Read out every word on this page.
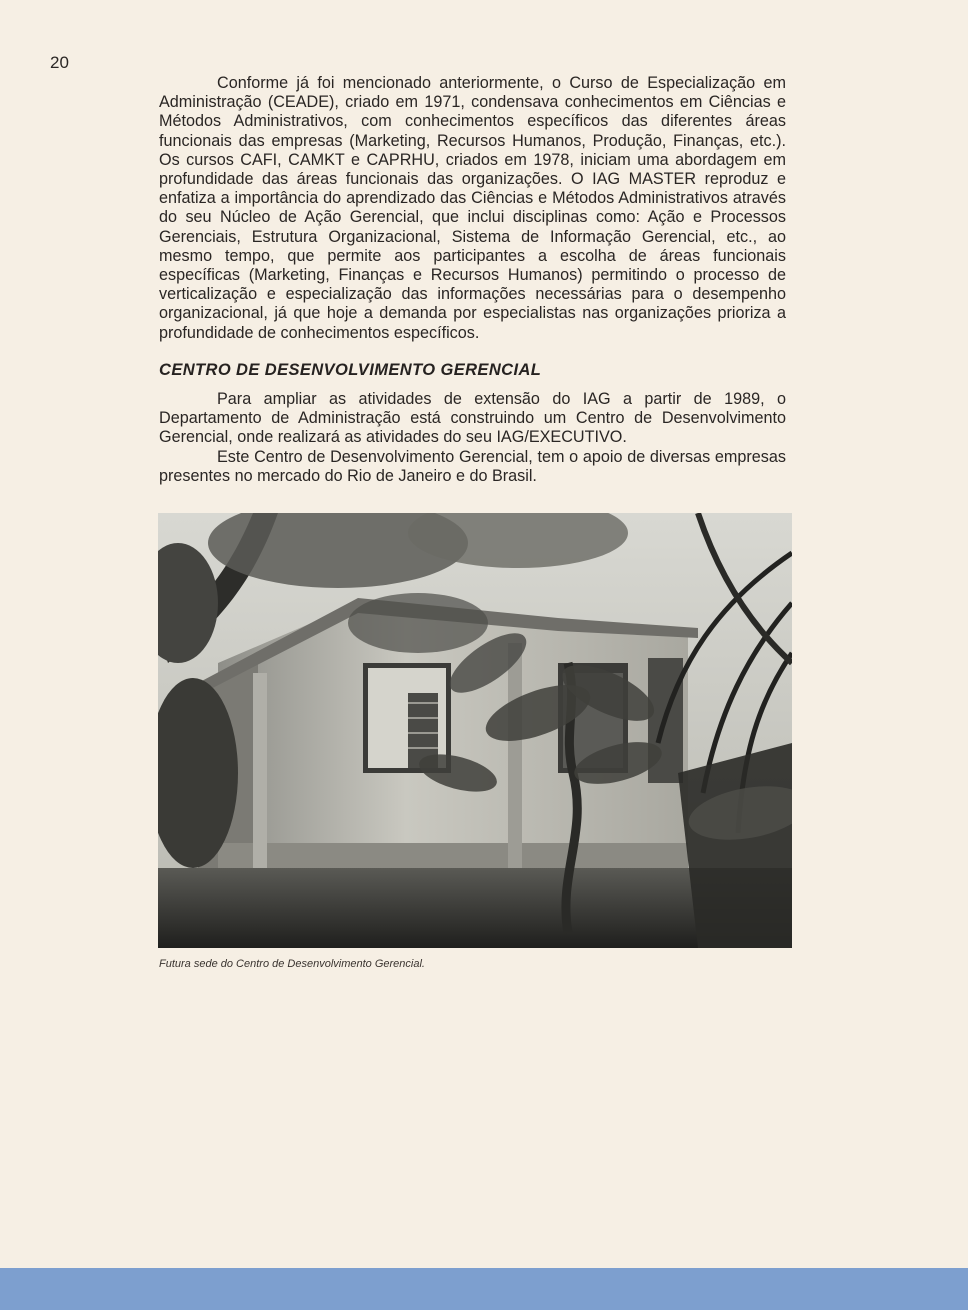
20

Conforme já foi mencionado anteriormente, o Curso de Especialização em Administração (CEADE), criado em 1971, condensava conhecimentos em Ciências e Métodos Administrativos, com conhecimentos específicos das diferentes áreas funcionais das empresas (Marketing, Recursos Humanos, Produção, Finanças, etc.). Os cursos CAFI, CAMKT e CAPRHU, criados em 1978, iniciam uma abordagem em profundidade das áreas funcionais das organizações. O IAG MASTER reproduz e enfatiza a importância do aprendizado das Ciências e Métodos Administrativos através do seu Núcleo de Ação Gerencial, que inclui disciplinas como: Ação e Processos Gerenciais, Estrutura Organizacional, Sistema de Informação Gerencial, etc., ao mesmo tempo, que permite aos participantes a escolha de áreas funcionais específicas (Marketing, Finanças e Recursos Humanos) permitindo o processo de verticalização e especialização das informações necessárias para o desempenho organizacional, já que hoje a demanda por especialistas nas organizações prioriza a profundidade de conhecimentos específicos.

CENTRO DE DESENVOLVIMENTO GERENCIAL

Para ampliar as atividades de extensão do IAG a partir de 1989, o Departamento de Administração está construindo um Centro de Desenvolvimento Gerencial, onde realizará as atividades do seu IAG/EXECUTIVO.

Este Centro de Desenvolvimento Gerencial, tem o apoio de diversas empresas presentes no mercado do Rio de Janeiro e do Brasil.

Futura sede do Centro de Desenvolvimento Gerencial.
